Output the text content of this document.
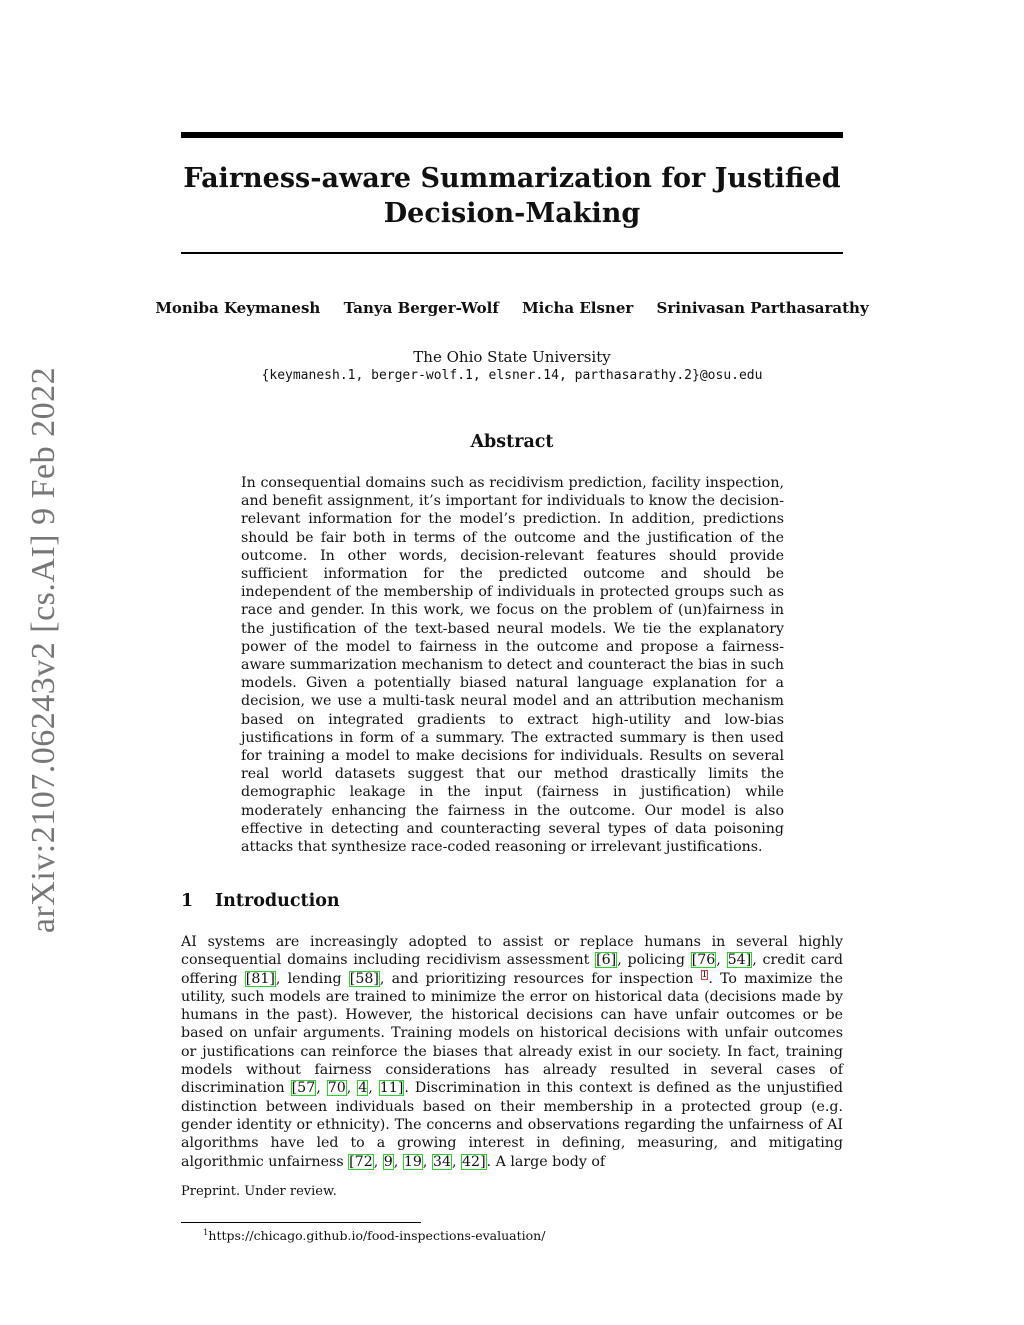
arXiv:2107.06243v2 [cs.AI] 9 Feb 2022
Fairness-aware Summarization for Justified Decision-Making
Moniba Keymanesh Tanya Berger-Wolf Micha Elsner Srinivasan Parthasarathy
The Ohio State University
{keymanesh.1, berger-wolf.1, elsner.14, parthasarathy.2}@osu.edu
Abstract

In consequential domains such as recidivism prediction, facility inspection, and benefit assignment, it’s important for individuals to know the decision-relevant information for the model’s prediction. In addition, predictions should be fair both in terms of the outcome and the justification of the outcome. In other words, decision-relevant features should provide sufficient information for the predicted outcome and should be independent of the membership of individuals in protected groups such as race and gender. In this work, we focus on the problem of (un)fairness in the justification of the text-based neural models. We tie the explanatory power of the model to fairness in the outcome and propose a fairness-aware summarization mechanism to detect and counteract the bias in such models. Given a potentially biased natural language explanation for a decision, we use a multi-task neural model and an attribution mechanism based on integrated gradients to extract high-utility and low-bias justifications in form of a summary. The extracted summary is then used for training a model to make decisions for individuals. Results on several real world datasets suggest that our method drastically limits the demographic leakage in the input (fairness in justification) while moderately enhancing the fairness in the outcome. Our model is also effective in detecting and counteracting several types of data poisoning attacks that synthesize race-coded reasoning or irrelevant justifications.

1 Introduction

AI systems are increasingly adopted to assist or replace humans in several highly consequential domains including recidivism assessment [6], policing [76, 54], credit card offering [81], lending [58], and prioritizing resources for inspection $^1$. To maximize the utility, such models are trained to minimize the error on historical data (decisions made by humans in the past). However, the historical decisions can have unfair outcomes or be based on unfair arguments. Training models on historical decisions with unfair outcomes or justifications can reinforce the biases that already exist in our society. In fact, training models without fairness considerations has already resulted in several cases of discrimination [57, 70, 4, 11]. Discrimination in this context is defined as the unjustified distinction between individuals based on their membership in a protected group (e.g. gender identity or ethnicity). The concerns and observations regarding the unfairness of AI algorithms have led to a growing interest in defining, measuring, and mitigating algorithmic unfairness [72, 9, 19, 34, 42]. A large body of

Preprint. Under review.

$^1$https://chicago.github.io/food-inspections-evaluation/
